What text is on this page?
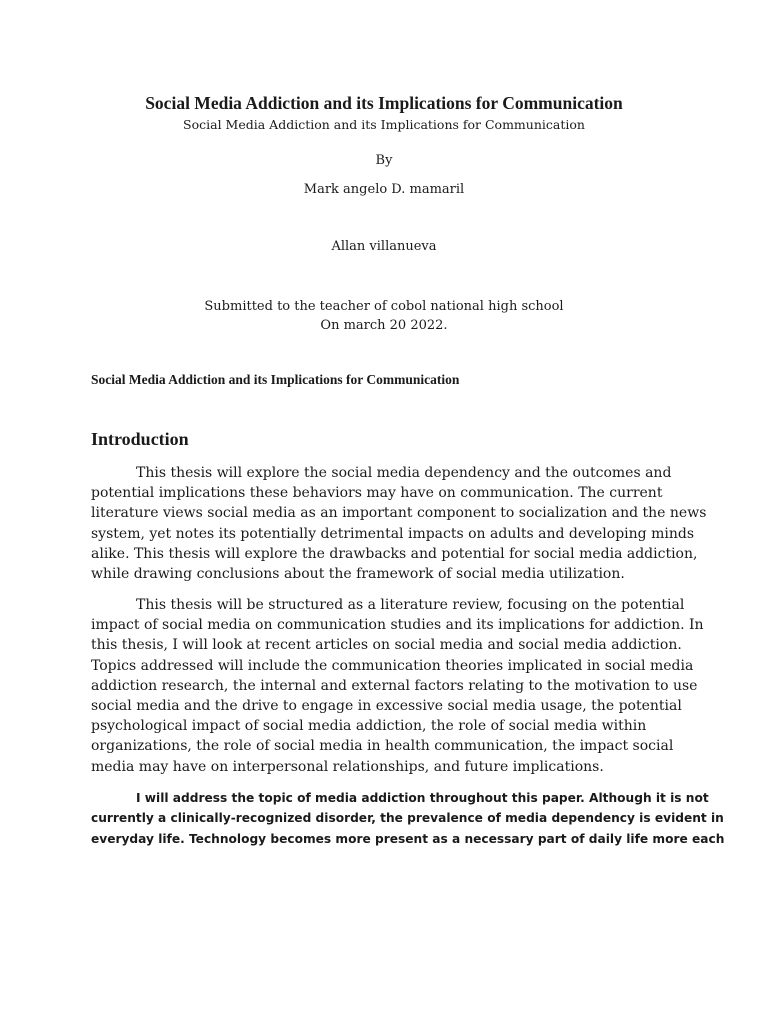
Social Media Addiction and its Implications for Communication
Social Media Addiction and its Implications for Communication
By
Mark angelo D. mamaril
Allan villanueva
Submitted to the teacher of cobol national high school
On march 20 2022.
Social Media Addiction and its Implications for Communication
Introduction
This thesis will explore the social media dependency and the outcomes and
potential implications these behaviors may have on communication. The current
literature views social media as an important component to socialization and the news
system, yet notes its potentially detrimental impacts on adults and developing minds
alike. This thesis will explore the drawbacks and potential for social media addiction,
while drawing conclusions about the framework of social media utilization.
This thesis will be structured as a literature review, focusing on the potential
impact of social media on communication studies and its implications for addiction. In
this thesis, I will look at recent articles on social media and social media addiction.
Topics addressed will include the communication theories implicated in social media
addiction research, the internal and external factors relating to the motivation to use
social media and the drive to engage in excessive social media usage, the potential
psychological impact of social media addiction, the role of social media within
organizations, the role of social media in health communication, the impact social
media may have on interpersonal relationships, and future implications.
I will address the topic of media addiction throughout this paper. Although it is not
currently a clinically-recognized disorder, the prevalence of media dependency is evident in
everyday life. Technology becomes more present as a necessary part of daily life more each
